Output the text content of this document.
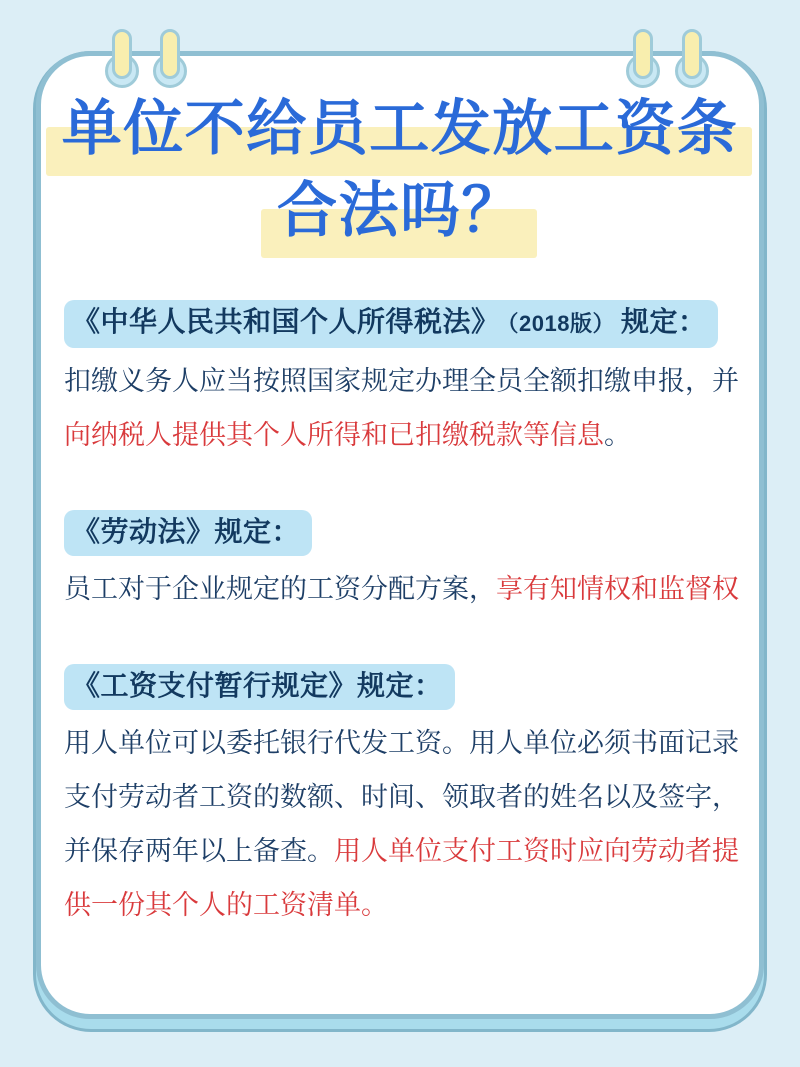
单位不给员工发放工资条
合法吗？
《中华人民共和国个人所得税法》 （2018版） 规定：

扣缴义务人应当按照国家规定办理全员全额扣缴申报，并
向纳税人提供其个人所得和已扣缴税款等信息。

《劳动法》规定：

员工对于企业规定的工资分配方案，享有知情权和监督权

《工资支付暂行规定》规定：

用人单位可以委托银行代发工资。用人单位必须书面记录支付劳动者工资的数额、时间、领取者的姓名以及签字，并保存两年以上备查。用人单位支付工资时应向劳动者提供一份其个人的工资清单。
